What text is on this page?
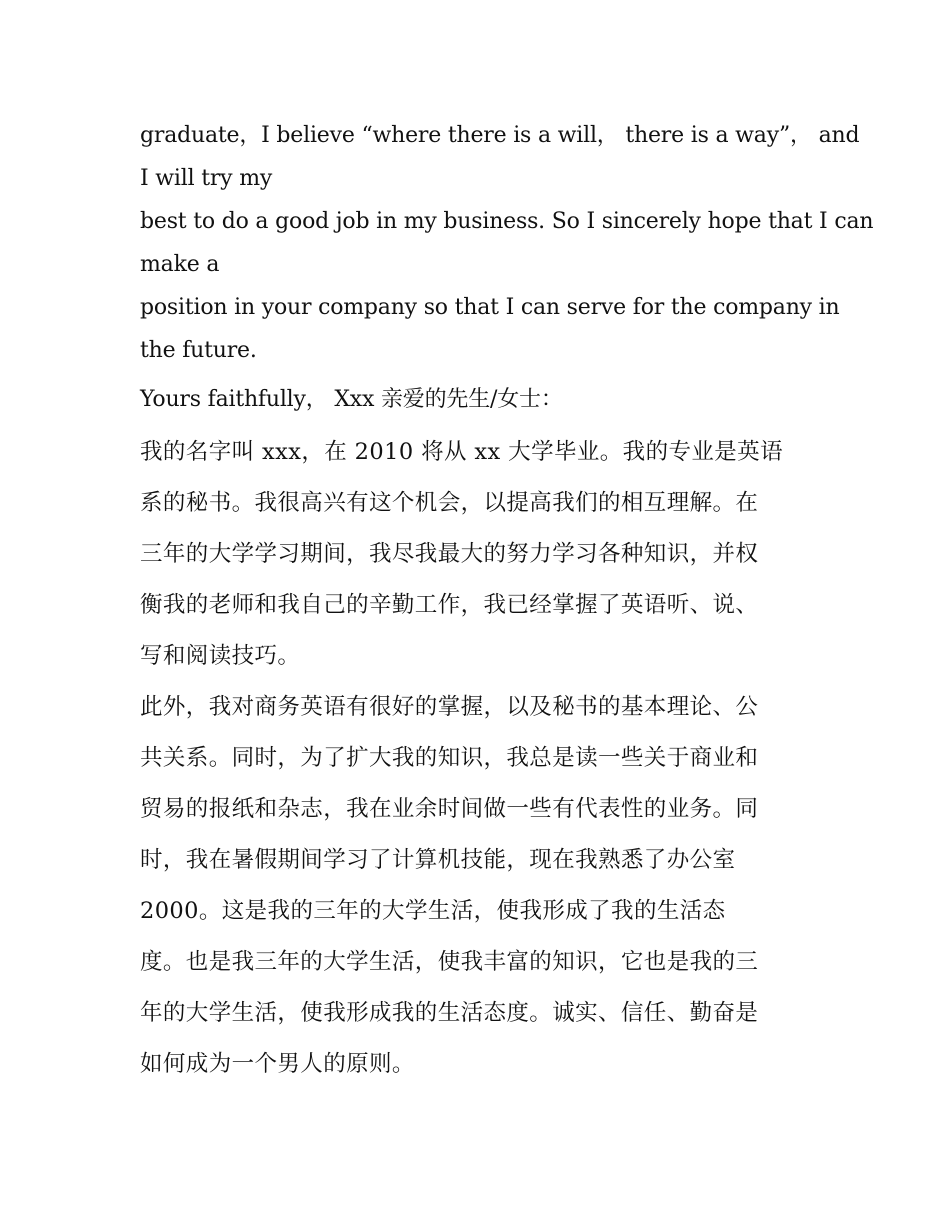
graduate，I believe “where there is a will， there is a way”， and
I will try my
best to do a good job in my business. So I sincerely hope that I can
make a
position in your company so that I can serve for the company in
the future.
Yours faithfully， Xxx 亲爱的先生/女士：
我的名字叫 xxx，在 2010 将从 xx 大学毕业。我的专业是英语
系的秘书。我很高兴有这个机会，以提高我们的相互理解。在
三年的大学学习期间，我尽我最大的努力学习各种知识，并权
衡我的老师和我自己的辛勤工作，我已经掌握了英语听、说、
写和阅读技巧。
此外，我对商务英语有很好的掌握，以及秘书的基本理论、公
共关系。同时，为了扩大我的知识，我总是读一些关于商业和
贸易的报纸和杂志，我在业余时间做一些有代表性的业务。同
时，我在暑假期间学习了计算机技能，现在我熟悉了办公室
2000。这是我的三年的大学生活，使我形成了我的生活态
度。也是我三年的大学生活，使我丰富的知识，它也是我的三
年的大学生活，使我形成我的生活态度。诚实、信任、勤奋是
如何成为一个男人的原则。
